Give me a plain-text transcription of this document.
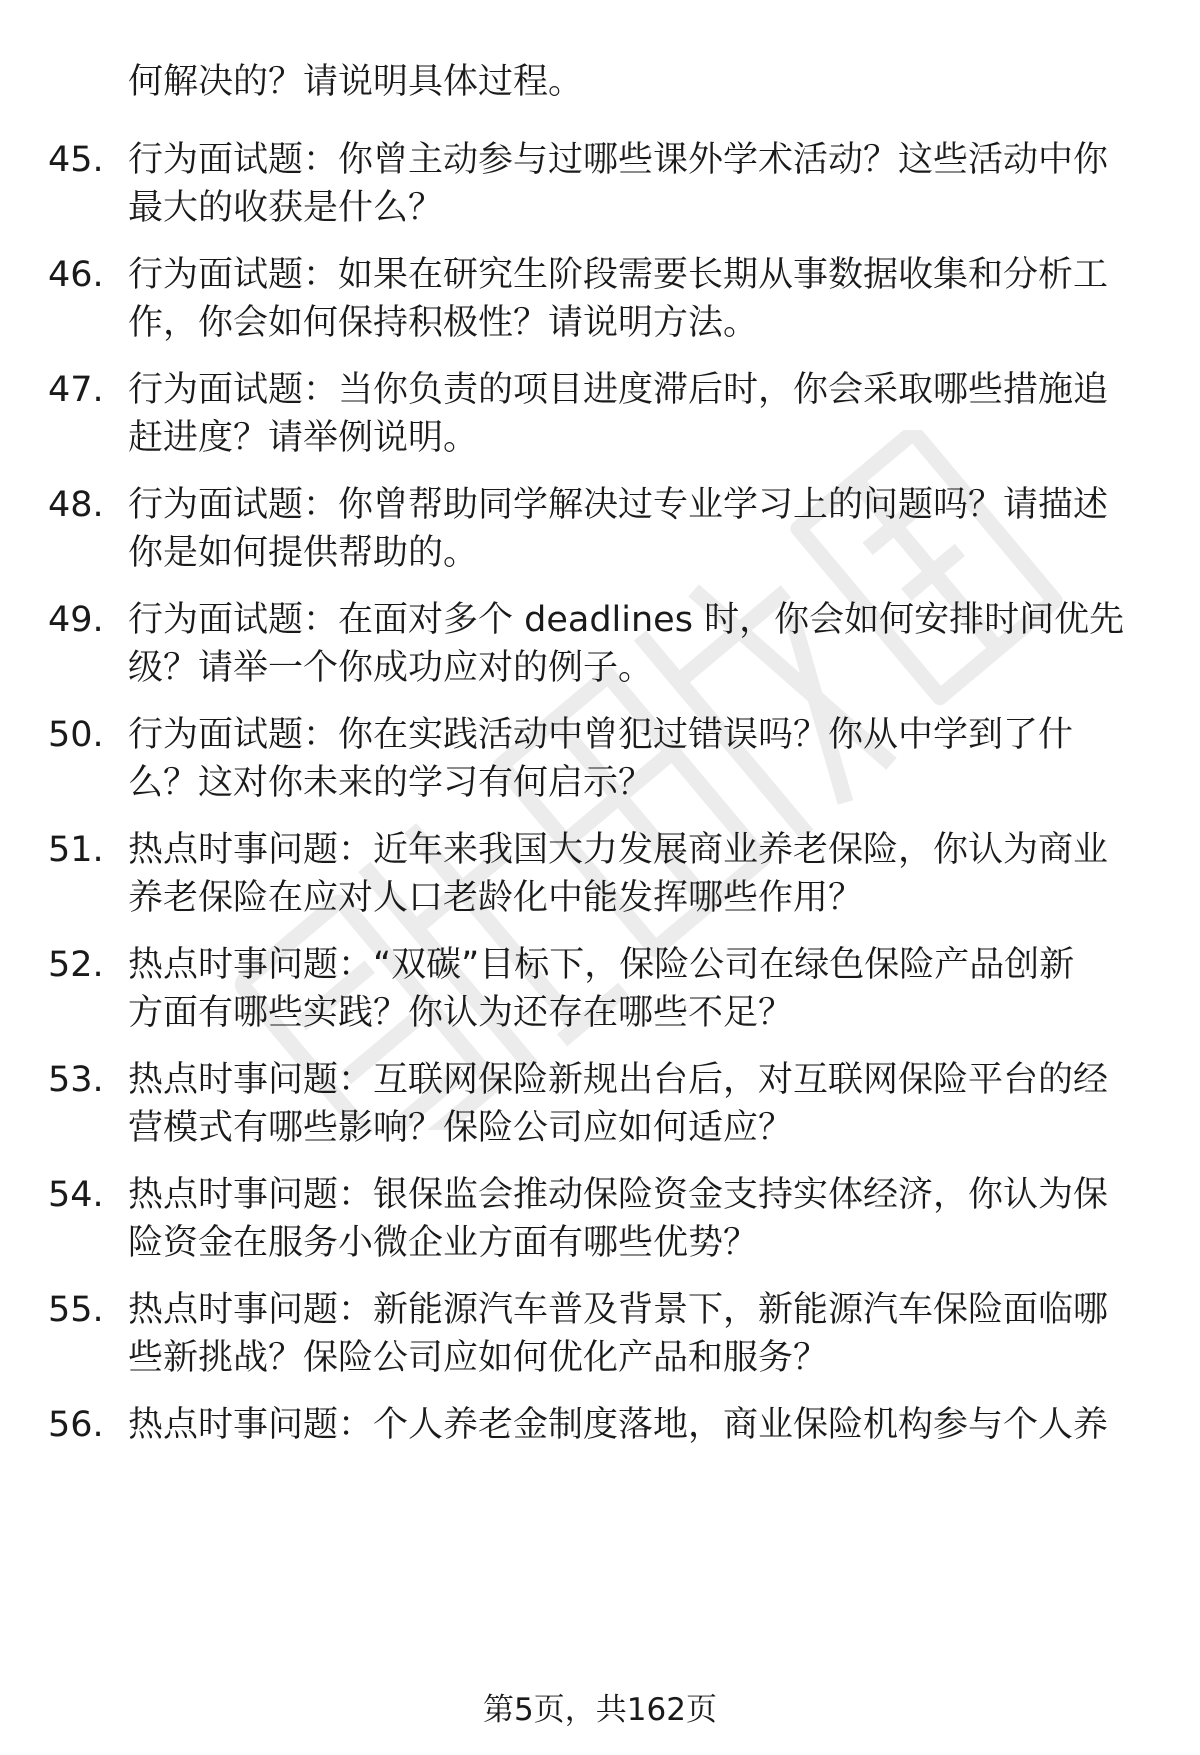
何解决的？请说明具体过程。
45. 行为面试题：你曾主动参与过哪些课外学术活动？这些活动中你
最大的收获是什么？
46. 行为面试题：如果在研究生阶段需要长期从事数据收集和分析工
作，你会如何保持积极性？请说明方法。
47. 行为面试题：当你负责的项目进度滞后时，你会采取哪些措施追
赶进度？请举例说明。
48. 行为面试题：你曾帮助同学解决过专业学习上的问题吗？请描述
你是如何提供帮助的。
49. 行为面试题：在面对多个 deadlines 时，你会如何安排时间优先
级？请举一个你成功应对的例子。
50. 行为面试题：你在实践活动中曾犯过错误吗？你从中学到了什
么？这对你未来的学习有何启示？
51. 热点时事问题：近年来我国大力发展商业养老保险，你认为商业
养老保险在应对人口老龄化中能发挥哪些作用？
52. 热点时事问题：“双碳”目标下，保险公司在绿色保险产品创新
方面有哪些实践？你认为还存在哪些不足？
53. 热点时事问题：互联网保险新规出台后，对互联网保险平台的经
营模式有哪些影响？保险公司应如何适应？
54. 热点时事问题：银保监会推动保险资金支持实体经济，你认为保
险资金在服务小微企业方面有哪些优势？
55. 热点时事问题：新能源汽车普及背景下，新能源汽车保险面临哪
些新挑战？保险公司应如何优化产品和服务？
56. 热点时事问题：个人养老金制度落地，商业保险机构参与个人养
第5页，共162页
